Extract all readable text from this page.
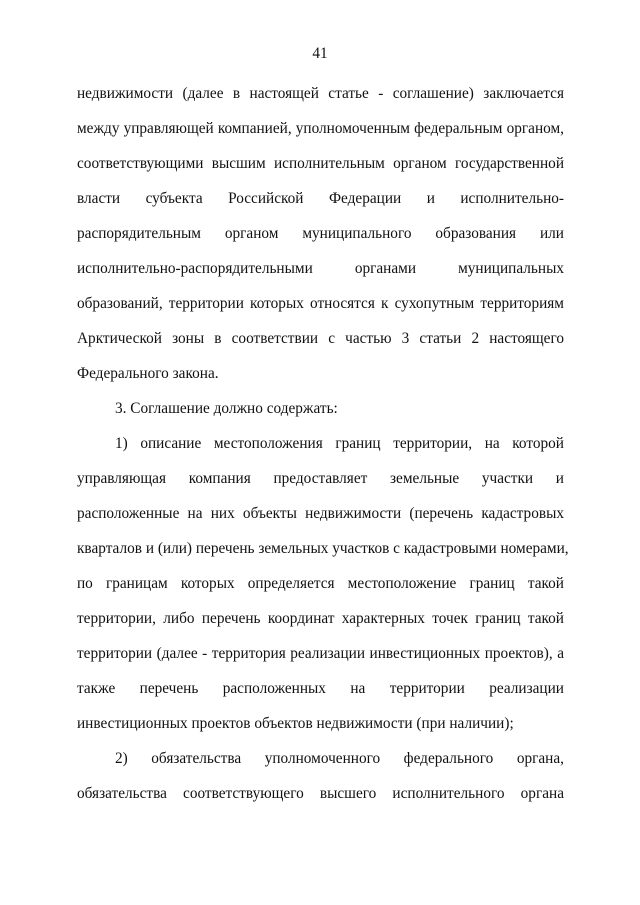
41
недвижимости (далее в настоящей статье - соглашение) заключается
между управляющей компанией, уполномоченным федеральным органом,
соответствующими высшим исполнительным органом государственной
власти субъекта Российской Федерации и исполнительно-
распорядительным органом муниципального образования или
исполнительно-распорядительными органами муниципальных
образований, территории которых относятся к сухопутным территориям
Арктической зоны в соответствии с частью 3 статьи 2 настоящего
Федерального закона.
3. Соглашение должно содержать:
1) описание местоположения границ территории, на которой
управляющая компания предоставляет земельные участки и
расположенные на них объекты недвижимости (перечень кадастровых
кварталов и (или) перечень земельных участков с кадастровыми номерами,
по границам которых определяется местоположение границ такой
территории, либо перечень координат характерных точек границ такой
территории (далее - территория реализации инвестиционных проектов), а
также перечень расположенных на территории реализации
инвестиционных проектов объектов недвижимости (при наличии);
2) обязательства уполномоченного федерального органа,
обязательства соответствующего высшего исполнительного органа
